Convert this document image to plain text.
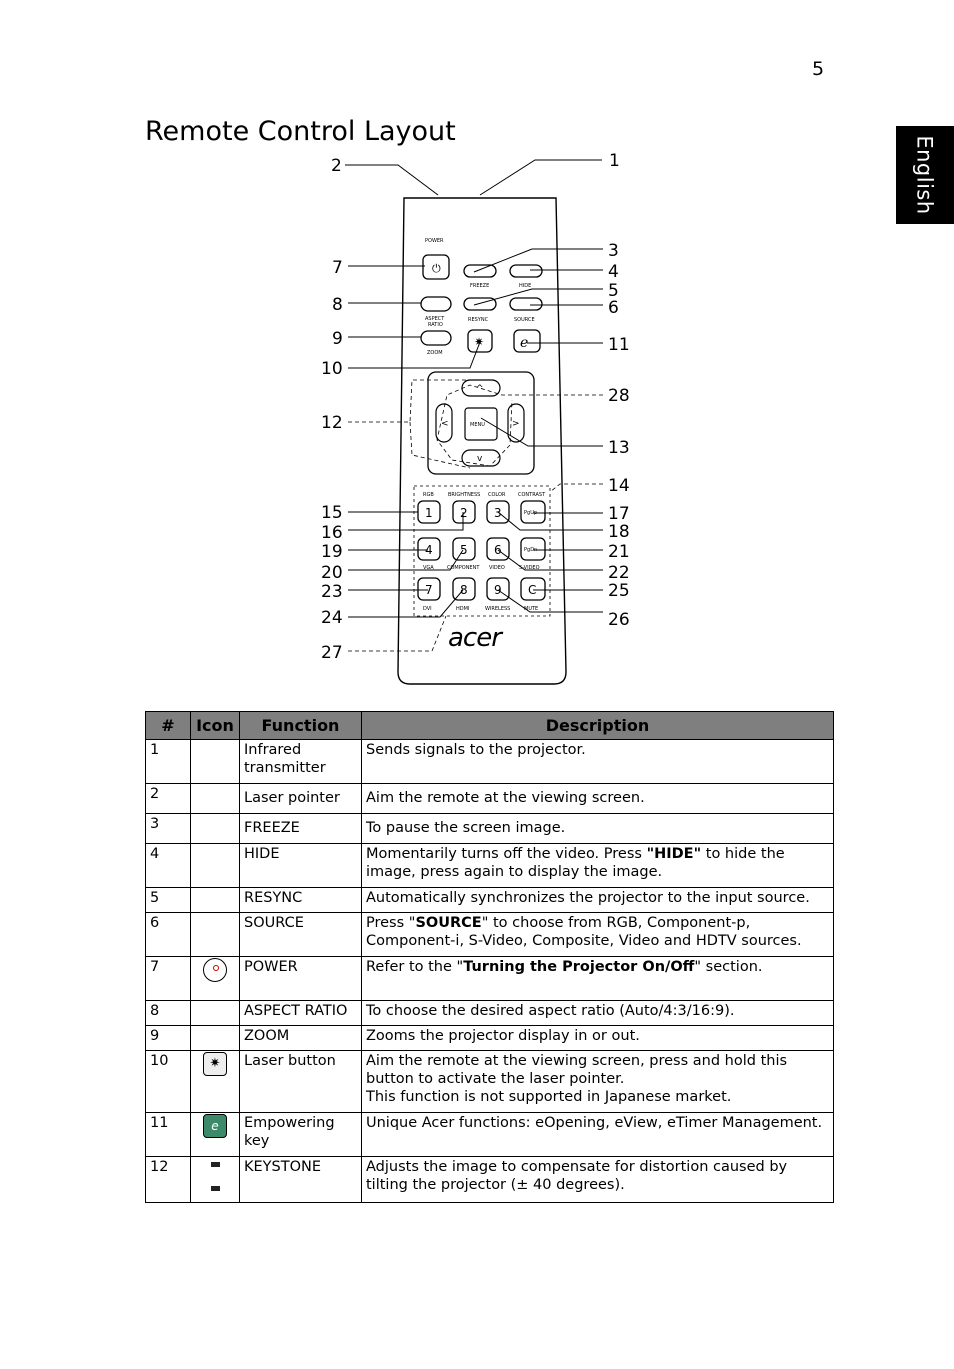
5
English
Remote Control Layout
POWER
⏻
FREEZE	HIDE
ASPECT
RATIO
RESYNC	SOURCE
ZOOM
✷	e
MENU
^
v
<	>
RGB	BRIGHTNESS COLOR	CONTRAST
1 2 3	PgUp
4 5 6	PgDn
VGA	COMPONENT VIDEO	S-VIDEO
7 8 9 C
DVI	HDMI	WIRELESS	MUTE
acer
1
2
3
4
5
6
7
8
9
10
11
12
13
14
15
16
17
18
19
20
21
22
23
24
25
26
27
28
#	Icon	Function	Description
1		Infrared transmitter	Sends signals to the projector.
2		Laser pointer	Aim the remote at the viewing screen.
3		FREEZE	To pause the screen image.
4		HIDE	Momentarily turns off the video. Press "HIDE" to hide the image, press again to display the image.
5		RESYNC	Automatically synchronizes the projector to the input source.
6		SOURCE	Press "SOURCE" to choose from RGB, Component-p, Component-i, S-Video, Composite, Video and HDTV sources.
7		POWER	Refer to the "Turning the Projector On/Off" section.
8		ASPECT RATIO	To choose the desired aspect ratio (Auto/4:3/16:9).
9		ZOOM	Zooms the projector display in or out.
10	✷	Laser button	Aim the remote at the viewing screen, press and hold this button to activate the laser pointer.
This function is not supported in Japanese market.

11	e	Empowering key	Unique Acer functions: eOpening, eView, eTimer Management.
12		KEYSTONE	Adjusts the image to compensate for distortion caused by tilting the projector (± 40 degrees).
